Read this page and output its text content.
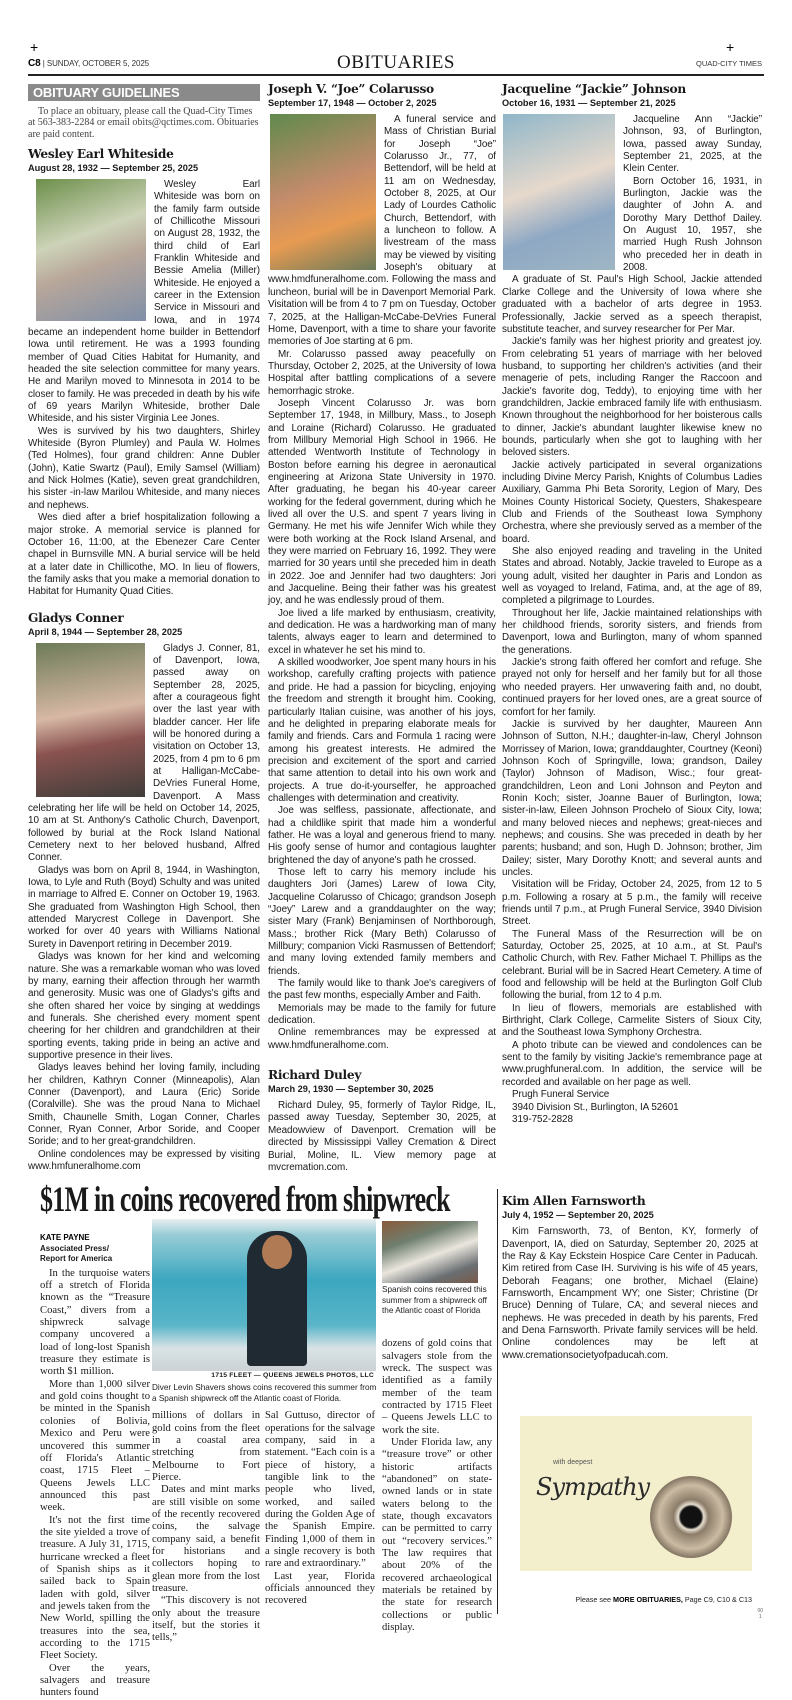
+	+
C8 | SUNDAY, OCTOBER 5, 2025	OBITUARIES	QUAD-CITY TIMES
OBITUARY GUIDELINES
To place an obituary, please call the Quad-City Times at 563-383-2284 or email obits@qctimes.com. Obituaries are paid content.
Wesley Earl Whiteside
August 28, 1932 — September 25, 2025

Wesley Earl Whiteside was born on the family farm outside of Chillicothe Missouri on August 28, 1932, the third child of Earl Franklin Whiteside and Bessie Amelia (Miller) Whiteside. He enjoyed a career in the Extension Service in Missouri and Iowa, and in 1974 became an independent home builder in Bettendorf Iowa until retirement. He was a 1993 founding member of Quad Cities Habitat for Humanity, and headed the site selection committee for many years. He and Marilyn moved to Minnesota in 2014 to be closer to family. He was preceded in death by his wife of 69 years Marilyn Whiteside, brother Dale Whiteside, and his sister Virginia Lee Jones.

Wes is survived by his two daughters, Shirley Whiteside (Byron Plumley) and Paula W. Holmes (Ted Holmes), four grand children: Anne Dubler (John), Katie Swartz (Paul), Emily Samsel (William) and Nick Holmes (Katie), seven great grandchildren, his sister -in-law Marilou Whiteside, and many nieces and nephews.

Wes died after a brief hospitalization following a major stroke. A memorial service is planned for October 16, 11:00, at the Ebenezer Care Center chapel in Burnsville MN. A burial service will be held at a later date in Chillicothe, MO. In lieu of flowers, the family asks that you make a memorial donation to Habitat for Humanity Quad Cities.

Gladys Conner
April 8, 1944 — September 28, 2025

Gladys J. Conner, 81, of Davenport, Iowa, passed away on September 28, 2025, after a courageous fight over the last year with bladder cancer. Her life will be honored during a visitation on October 13, 2025, from 4 pm to 6 pm at Halligan-McCabe-DeVries Funeral Home, Davenport. A Mass celebrating her life will be held on October 14, 2025, 10 am at St. Anthony's Catholic Church, Davenport, followed by burial at the Rock Island National Cemetery next to her beloved husband, Alfred Conner.

Gladys was born on April 8, 1944, in Washington, Iowa, to Lyle and Ruth (Boyd) Schulty and was united in marriage to Alfred E. Conner on October 19, 1963. She graduated from Washington High School, then attended Marycrest College in Davenport. She worked for over 40 years with Williams National Surety in Davenport retiring in December 2019.

Gladys was known for her kind and welcoming nature. She was a remarkable woman who was loved by many, earning their affection through her warmth and generosity. Music was one of Gladys's gifts and she often shared her voice by singing at weddings and funerals. She cherished every moment spent cheering for her children and grandchildren at their sporting events, taking pride in being an active and supportive presence in their lives.

Gladys leaves behind her loving family, including her children, Kathryn Conner (Minneapolis), Alan Conner (Davenport), and Laura (Eric) Soride (Coralville). She was the proud Nana to Michael Smith, Chaunelle Smith, Logan Conner, Charles Conner, Ryan Conner, Arbor Soride, and Cooper Soride; and to her great-grandchildren.

Online condolences may be expressed by visiting www.hmfuneralhome.com

Joseph V. “Joe” Colarusso
September 17, 1948 — October 2, 2025

A funeral service and Mass of Christian Burial for Joseph “Joe” Colarusso Jr., 77, of Bettendorf, will be held at 11 am on Wednesday, October 8, 2025, at Our Lady of Lourdes Catholic Church, Bettendorf, with a luncheon to follow. A livestream of the mass may be viewed by visiting Joseph's obituary at www.hmdfuneralhome.com. Following the mass and luncheon, burial will be in Davenport Memorial Park. Visitation will be from 4 to 7 pm on Tuesday, October 7, 2025, at the Halligan-McCabe-DeVries Funeral Home, Davenport, with a time to share your favorite memories of Joe starting at 6 pm.

Mr. Colarusso passed away peacefully on Thursday, October 2, 2025, at the University of Iowa Hospital after battling complications of a severe hemorrhagic stroke.

Joseph Vincent Colarusso Jr. was born September 17, 1948, in Millbury, Mass., to Joseph and Loraine (Richard) Colarusso. He graduated from Millbury Memorial High School in 1966. He attended Wentworth Institute of Technology in Boston before earning his degree in aeronautical engineering at Arizona State University in 1970. After graduating, he began his 40-year career working for the federal government, during which he lived all over the U.S. and spent 7 years living in Germany. He met his wife Jennifer Wich while they were both working at the Rock Island Arsenal, and they were married on February 16, 1992. They were married for 30 years until she preceded him in death in 2022. Joe and Jennifer had two daughters: Jori and Jacqueline. Being their father was his greatest joy, and he was endlessly proud of them.

Joe lived a life marked by enthusiasm, creativity, and dedication. He was a hardworking man of many talents, always eager to learn and determined to excel in whatever he set his mind to.

A skilled woodworker, Joe spent many hours in his workshop, carefully crafting projects with patience and pride. He had a passion for bicycling, enjoying the freedom and strength it brought him. Cooking, particularly Italian cuisine, was another of his joys, and he delighted in preparing elaborate meals for family and friends. Cars and Formula 1 racing were among his greatest interests. He admired the precision and excitement of the sport and carried that same attention to detail into his own work and projects. A true do-it-yourselfer, he approached challenges with determination and creativity.

Joe was selfless, passionate, affectionate, and had a childlike spirit that made him a wonderful father. He was a loyal and generous friend to many. His goofy sense of humor and contagious laughter brightened the day of anyone's path he crossed.

Those left to carry his memory include his daughters Jori (James) Larew of Iowa City, Jacqueline Colarusso of Chicago; grandson Joseph “Joey” Larew and a granddaughter on the way; sister Mary (Frank) Benjaminsen of Northborough, Mass.; brother Rick (Mary Beth) Colarusso of Millbury; companion Vicki Rasmussen of Bettendorf; and many loving extended family members and friends.

The family would like to thank Joe's caregivers of the past few months, especially Amber and Faith.

Memorials may be made to the family for future dedication.

Online remembrances may be expressed at www.hmdfuneralhome.com.

Richard Duley
March 29, 1930 — September 30, 2025

Richard Duley, 95, formerly of Taylor Ridge, IL, passed away Tuesday, September 30, 2025, at Meadowview of Davenport. Cremation will be directed by Mississippi Valley Cremation & Direct Burial, Moline, IL. View memory page at mvcremation.com.

Jacqueline “Jackie” Johnson
October 16, 1931 — September 21, 2025

Jacqueline Ann “Jackie” Johnson, 93, of Burlington, Iowa, passed away Sunday, September 21, 2025, at the Klein Center.

Born October 16, 1931, in Burlington, Jackie was the daughter of John A. and Dorothy Mary Detthof Dailey. On August 10, 1957, she married Hugh Rush Johnson who preceded her in death in 2008.

A graduate of St. Paul's High School, Jackie attended Clarke College and the University of Iowa where she graduated with a bachelor of arts degree in 1953. Professionally, Jackie served as a speech therapist, substitute teacher, and survey researcher for Per Mar.

Jackie's family was her highest priority and greatest joy. From celebrating 51 years of marriage with her beloved husband, to supporting her children's activities (and their menagerie of pets, including Ranger the Raccoon and Jackie's favorite dog, Teddy), to enjoying time with her grandchildren, Jackie embraced family life with enthusiasm. Known throughout the neighborhood for her boisterous calls to dinner, Jackie's abundant laughter likewise knew no bounds, particularly when she got to laughing with her beloved sisters.

Jackie actively participated in several organizations including Divine Mercy Parish, Knights of Columbus Ladies Auxiliary, Gamma Phi Beta Sorority, Legion of Mary, Des Moines County Historical Society, Questers, Shakespeare Club and Friends of the Southeast Iowa Symphony Orchestra, where she previously served as a member of the board.

She also enjoyed reading and traveling in the United States and abroad. Notably, Jackie traveled to Europe as a young adult, visited her daughter in Paris and London as well as voyaged to Ireland, Fatima, and, at the age of 89, completed a pilgrimage to Lourdes.

Throughout her life, Jackie maintained relationships with her childhood friends, sorority sisters, and friends from Davenport, Iowa and Burlington, many of whom spanned the generations.

Jackie's strong faith offered her comfort and refuge. She prayed not only for herself and her family but for all those who needed prayers. Her unwavering faith and, no doubt, continued prayers for her loved ones, are a great source of comfort for her family.

Jackie is survived by her daughter, Maureen Ann Johnson of Sutton, N.H.; daughter-in-law, Cheryl Johnson Morrissey of Marion, Iowa; granddaughter, Courtney (Keoni) Johnson Koch of Springville, Iowa; grandson, Dailey (Taylor) Johnson of Madison, Wisc.; four great-grandchildren, Leon and Loni Johnson and Peyton and Ronin Koch; sister, Joanne Bauer of Burlington, Iowa; sister-in-law, Eileen Johnson Procheło of Sioux City, Iowa; and many beloved nieces and nephews; great-nieces and nephews; and cousins. She was preceded in death by her parents; husband; and son, Hugh D. Johnson; brother, Jim Dailey; sister, Mary Dorothy Knott; and several aunts and uncles.

Visitation will be Friday, October 24, 2025, from 12 to 5 p.m. Following a rosary at 5 p.m., the family will receive friends until 7 p.m., at Prugh Funeral Service, 3940 Division Street.

The Funeral Mass of the Resurrection will be on Saturday, October 25, 2025, at 10 a.m., at St. Paul's Catholic Church, with Rev. Father Michael T. Phillips as the celebrant. Burial will be in Sacred Heart Cemetery. A time of food and fellowship will be held at the Burlington Golf Club following the burial, from 12 to 4 p.m.

In lieu of flowers, memorials are established with Birthright, Clark College, Carmelite Sisters of Sioux City, and the Southeast Iowa Symphony Orchestra.

A photo tribute can be viewed and condolences can be sent to the family by visiting Jackie's remembrance page at www.prughfuneral.com. In addition, the service will be recorded and available on her page as well.

Prugh Funeral Service

3940 Division St., Burlington, IA 52601

319-752-2828

$1M in coins recovered from shipwreck
KATE PAYNE
Associated Press/
Report for America

In the turquoise waters off a stretch of Florida known as the “Treasure Coast,” divers from a shipwreck salvage company uncovered a load of long-lost Spanish treasure they estimate is worth $1 million.

More than 1,000 silver and gold coins thought to be minted in the Spanish colonies of Bolivia, Mexico and Peru were uncovered this summer off Florida's Atlantic coast, 1715 Fleet – Queens Jewels LLC announced this past week.

It's not the first time the site yielded a trove of treasure. A July 31, 1715, hurricane wrecked a fleet of Spanish ships as it sailed back to Spain laden with gold, silver and jewels taken from the New World, spilling the treasures into the sea, according to the 1715 Fleet Society.

Over the years, salvagers and treasure hunters found

1715 FLEET — QUEENS JEWELS PHOTOS, LLC
Diver Levin Shavers shows coins recovered this summer from a Spanish shipwreck off the Atlantic coast of Florida.

millions of dollars in gold coins from the fleet in a coastal area stretching from Melbourne to Fort Pierce.

Dates and mint marks are still visible on some of the recently recovered coins, the salvage company said, a benefit for historians and collectors hoping to glean more from the lost treasure.

“This discovery is not only about the treasure itself, but the stories it tells,”

Sal Guttuso, director of operations for the salvage company, said in a statement. “Each coin is a piece of history, a tangible link to the people who lived, worked, and sailed during the Golden Age of the Spanish Empire. Finding 1,000 of them in a single recovery is both rare and extraordinary.”

Last year, Florida officials announced they recovered

Spanish coins recovered this summer from a shipwreck off the Atlantic coast of Florida

dozens of gold coins that salvagers stole from the wreck. The suspect was identified as a family member of the team contracted by 1715 Fleet – Queens Jewels LLC to work the site.

Under Florida law, any “treasure trove” or other historic artifacts “abandoned” on state-owned lands or in state waters belong to the state, though excavators can be permitted to carry out “recovery services.” The law requires that about 20% of the recovered archaeological materials be retained by the state for research collections or public display.

Kim Allen Farnsworth
July 4, 1952 — September 20, 2025

Kim Farnsworth, 73, of Benton, KY, formerly of Davenport, IA, died on Saturday, September 20, 2025 at the Ray & Kay Eckstein Hospice Care Center in Paducah. Kim retired from Case IH. Surviving is his wife of 45 years, Deborah Feagans; one brother, Michael (Elaine) Farnsworth, Encampment WY; one Sister; Christine (Dr Bruce) Denning of Tulare, CA; and several nieces and nephews. He was preceded in death by his parents, Fred and Dena Farnsworth. Private family services will be held. Online condolences may be left at www.cremationsocietyofpaducah.com.

with deepest
Sympathy
Please see MORE OBITUARIES, Page C9, C10 & C13
00
1
